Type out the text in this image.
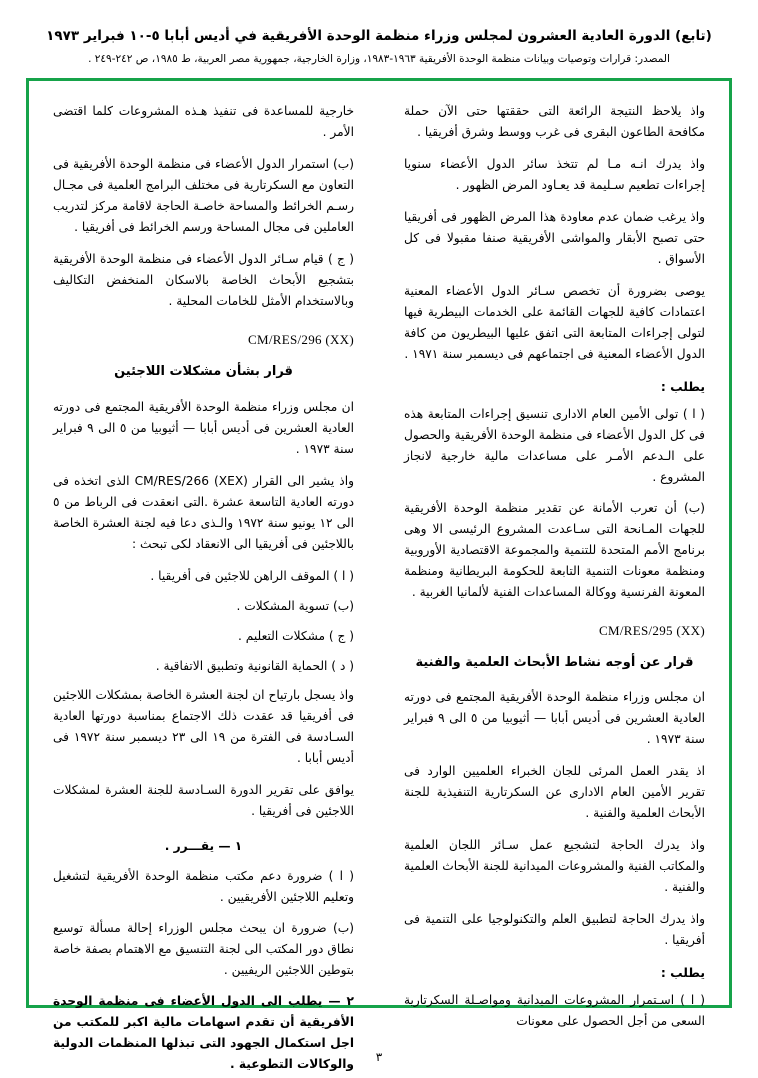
(تابع) الدورة العادية العشرون لمجلس وزراء منظمة الوحدة الأفريقية في أديس أبابا ٥-١٠ فبراير ١٩٧٣
المصدر: قرارات وتوصيات وبيانات منظمة الوحدة الأفريقية ١٩٦٣-١٩٨٣، وزارة الخارجية، جمهورية مصر العربية، ط ١٩٨٥، ص ٢٤٢-٢٤٩ .

واذ يلاحظ النتيجة الرائعة التى حققتها حتى الآن حملة مكافحة الطاعون البقرى فى غرب ووسط وشرق أفريقيا .

واذ يدرك انـه مـا لم تتخذ سائر الدول الأعضاء سنويا إجراءات تطعيم سـليمة قد يعـاود المرض الظهور .

واذ يرغب ضمان عدم معاودة هذا المرض الظهور فى أفريقيا حتى تصبح الأبقار والمواشى الأفريقية صنفا مقبولا فى كل الأسواق .

يوصى بضرورة أن تخصص سـائر الدول الأعضاء المعنية اعتمادات كافية للجهات القائمة على الخدمات البيطرية فيها لتولى إجراءات المتابعة التى اتفق عليها البيطريون من كافة الدول الأعضاء المعنية فى اجتماعهم فى ديسمبر سنة ١٩٧١ .

يطلب :

( ا ) تولى الأمين العام الادارى تنسيق إجراءات المتابعة هذه فى كل الدول الأعضاء فى منظمة الوحدة الأفريقية والحصول على الـدعم الأمـر على مساعدات مالية خارجية لانجاز المشروع .

(ب) أن تعرب الأمانة عن تقدير منظمة الوحدة الأفريقية للجهات المـانحة التى سـاعدت المشروع الرئيسى الا وهى برنامج الأمم المتحدة للتنمية والمجموعة الاقتصادية الأوروبية ومنظمة معونات التنمية التابعة للحكومة البريطانية ومنظمة المعونة الفرنسية ووكالة المساعدات الفنية لألمانيا الغربية .

CM/RES/295 (XX)
قرار عن أوجه نشاط الأبحاث العلمية والفنية

ان مجلس وزراء منظمة الوحدة الأفريقية المجتمع فى دورته العادية العشرين فى أديس أبابا — أثيوبيا من ٥ الى ٩ فبراير سنة ١٩٧٣ .

اذ يقدر العمل المرئى للجان الخبراء العلميين الوارد فى تقرير الأمين العام الادارى عن السكرتارية التنفيذية للجنة الأبحاث العلمية والفنية .

واذ يدرك الحاجة لتشجيع عمل سـائر اللجان العلمية والمكاتب الفنية والمشروعات الميدانية للجنة الأبحاث العلمية والفنية .

واذ يدرك الحاجة لتطبيق العلم والتكنولوجيا على التنمية فى أفريقيا .

يطلب :

( ا ) اسـتمرار المشروعات الميدانية ومواصـلة السكرتارية السعى من أجل الحصول على معونات

خارجية للمساعدة فى تنفيذ هـذه المشروعات كلما اقتضى الأمر .

(ب) استمرار الدول الأعضاء فى منظمة الوحدة الأفريقية فى التعاون مع السكرتارية فى مختلف البرامج العلمية فى مجـال رسـم الخرائط والمساحة خاصـة الحاجة لاقامة مركز لتدريب العاملين فى مجال المساحة ورسم الخرائط فى أفريقيا .

( ج ) قيام سـائر الدول الأعضاء فى منظمة الوحدة الأفريقية بتشجيع الأبحاث الخاصة بالاسكان المنخفض التكاليف وبالاستخدام الأمثل للخامات المحلية .

CM/RES/296 (XX)
قرار بشأن مشكلات اللاجئين

ان مجلس وزراء منظمة الوحدة الأفريقية المجتمع فى دورته العادية العشرين فى أديس أبابا — أثيوبيا من ٥ الى ٩ فبراير سنة ١٩٧٣ .

واذ يشير الى القرار CM/RES/266 (XEX) الذى اتخذه فى دورته العادية التاسعة عشرة .التى انعقدت فى الرباط من ٥ الى ١٢ يونيو سنة ١٩٧٢ والـذى دعا فيه لجنة العشرة الخاصة باللاجئين فى أفريقيا الى الانعقاد لكى تبحث :

( ا ) الموقف الراهن للاجئين فى أفريقيا .

(ب) تسوية المشكلات .

( ج ) مشكلات التعليم .

( د ) الحماية القانونية وتطبيق الاتفاقية .

واذ يسجل بارتياح ان لجنة العشرة الخاصة بمشكلات اللاجئين فى أفريقيا قد عقدت ذلك الاجتماع بمناسبة دورتها العادية السـادسة فى الفترة من ١٩ الى ٢٣ ديسمبر سنة ١٩٧٢ فى أديس أبابا .

يوافق على تقرير الدورة السـادسة للجنة العشرة لمشكلات اللاجئين فى أفريقيا .

١ — يقـــرر .

( ا ) ضرورة دعم مكتب منظمة الوحدة الأفريقية لتشغيل وتعليم اللاجئين الأفريقيين .

(ب) ضرورة ان يبحث مجلس الوزراء إحالة مسألة توسيع نطاق دور المكتب الى لجنة التنسيق مع الاهتمام بصفة خاصة بتوطين اللاجئين الريفيين .

٢ — يطلب الى الدول الأعضاء فى منظمة الوحدة الأفريقية أن تقدم اسهامات مالية اكبر للمكتب من اجل استكمال الجهود التى تبذلها المنظمات الدولية والوكالات التطوعية .

٣
